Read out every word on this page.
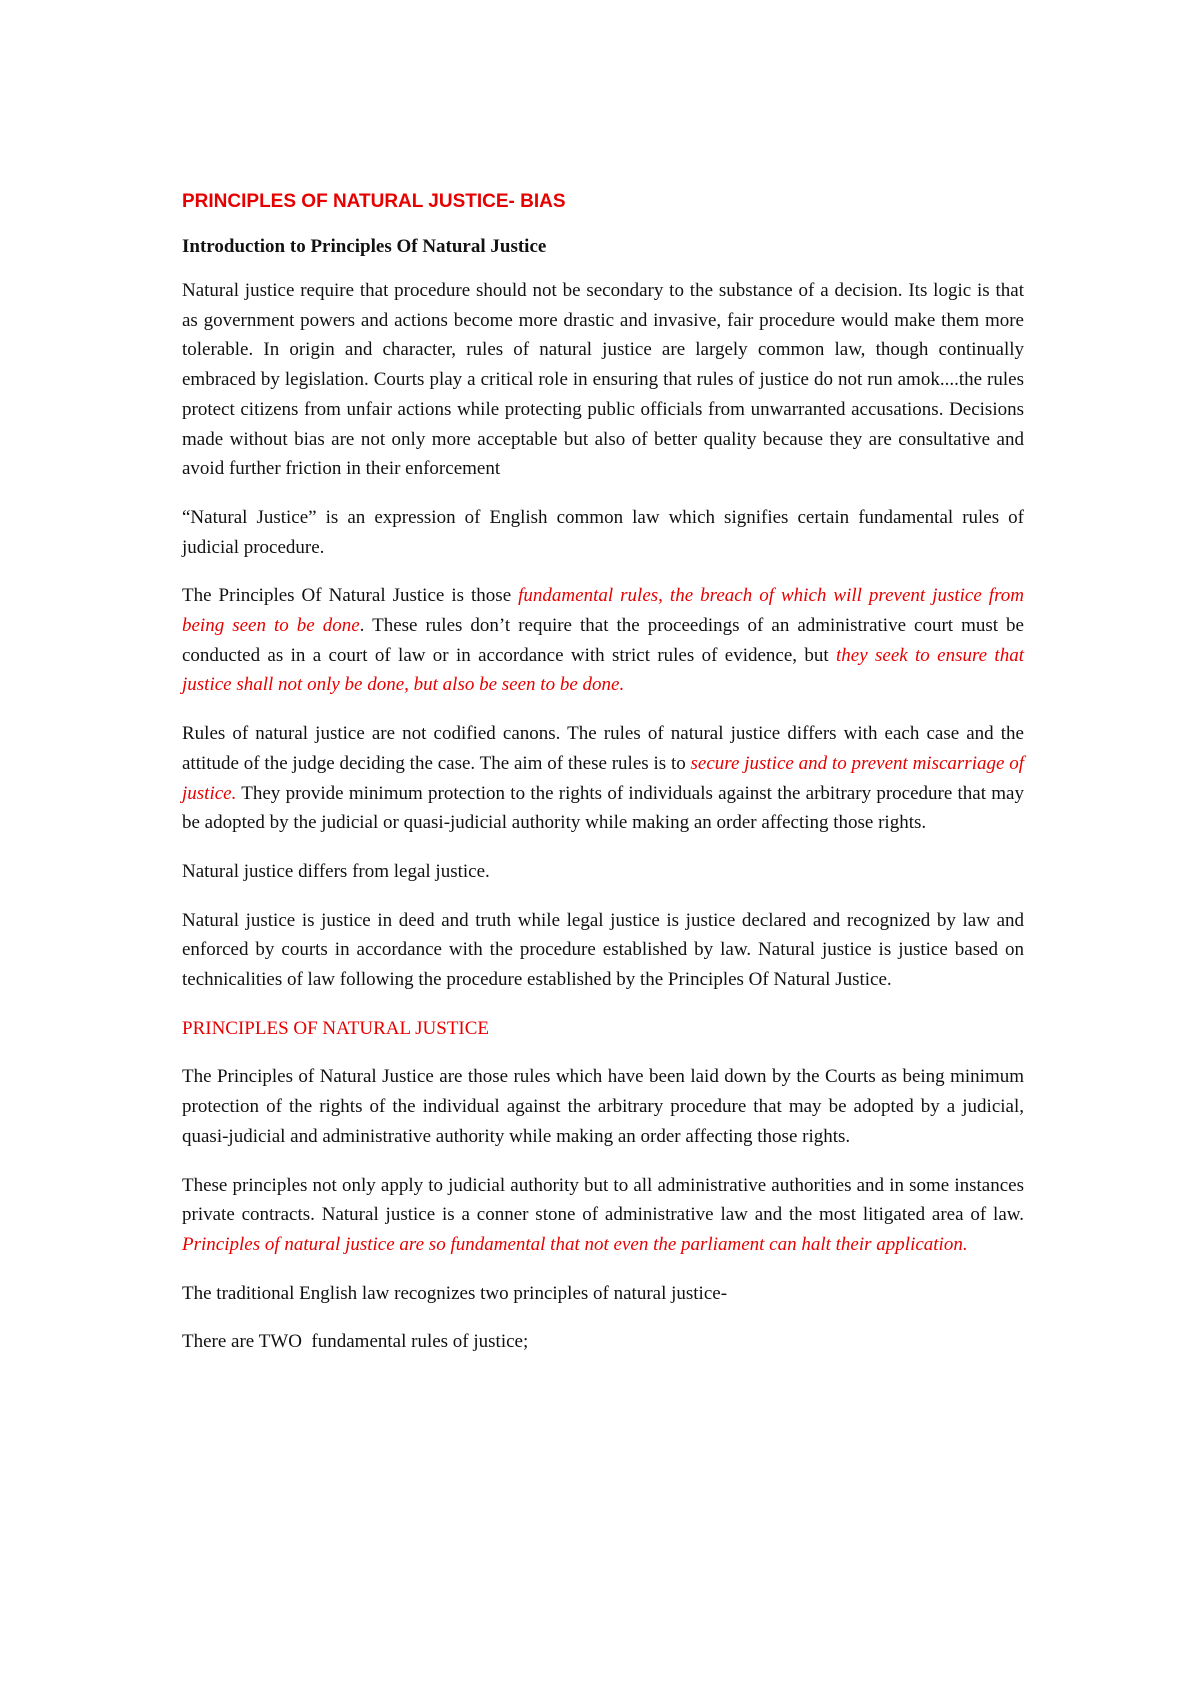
PRINCIPLES OF NATURAL JUSTICE- BIAS
Introduction to Principles Of Natural Justice

Natural justice require that procedure should not be secondary to the substance of a decision. Its logic is that as government powers and actions become more drastic and invasive, fair procedure would make them more tolerable. In origin and character, rules of natural justice are largely common law, though continually embraced by legislation. Courts play a critical role in ensuring that rules of justice do not run amok....the rules protect citizens from unfair actions while protecting public officials from unwarranted accusations. Decisions made without bias are not only more acceptable but also of better quality because they are consultative and avoid further friction in their enforcement

“Natural Justice” is an expression of English common law which signifies certain fundamental rules of judicial procedure.

The Principles Of Natural Justice is those fundamental rules, the breach of which will prevent justice from being seen to be done. These rules don’t require that the proceedings of an administrative court must be conducted as in a court of law or in accordance with strict rules of evidence, but they seek to ensure that justice shall not only be done, but also be seen to be done.

Rules of natural justice are not codified canons. The rules of natural justice differs with each case and the attitude of the judge deciding the case. The aim of these rules is to secure justice and to prevent miscarriage of justice. They provide minimum protection to the rights of individuals against the arbitrary procedure that may be adopted by the judicial or quasi-judicial authority while making an order affecting those rights.

Natural justice differs from legal justice.

Natural justice is justice in deed and truth while legal justice is justice declared and recognized by law and enforced by courts in accordance with the procedure established by law. Natural justice is justice based on technicalities of law following the procedure established by the Principles Of Natural Justice.

PRINCIPLES OF NATURAL JUSTICE

The Principles of Natural Justice are those rules which have been laid down by the Courts as being minimum protection of the rights of the individual against the arbitrary procedure that may be adopted by a judicial, quasi-judicial and administrative authority while making an order affecting those rights.

These principles not only apply to judicial authority but to all administrative authorities and in some instances private contracts. Natural justice is a conner stone of administrative law and the most litigated area of law. Principles of natural justice are so fundamental that not even the parliament can halt their application.

The traditional English law recognizes two principles of natural justice-

There are TWO  fundamental rules of justice;
